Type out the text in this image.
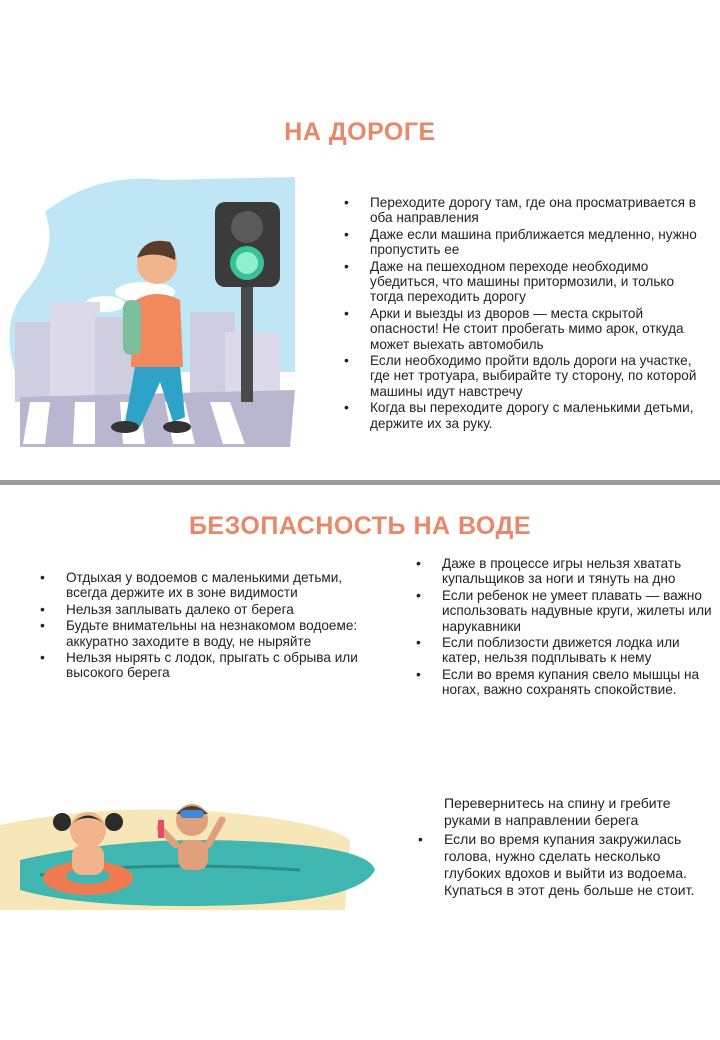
НА ДОРОГЕ
• Переходите дорогу там, где она просматривается в оба направления
• Даже если машина приближается медленно, нужно пропустить ее
• Даже на пешеходном переходе необходимо убедиться, что машины притормозили, и только тогда переходить дорогу
• Арки и выезды из дворов — места скрытой опасности! Не стоит пробегать мимо арок, откуда может выехать автомобиль
• Если необходимо пройти вдоль дороги на участке, где нет тротуара, выбирайте ту сторону, по которой машины идут навстречу
• Когда вы переходите дорогу с маленькими детьми, держите их за руку.
БЕЗОПАСНОСТЬ НА ВОДЕ
• Отдыхая у водоемов с маленькими детьми, всегда держите их в зоне видимости
• Нельзя заплывать далеко от берега
• Будьте внимательны на незнакомом водоеме: аккуратно заходите в воду, не ныряйте
• Нельзя нырять с лодок, прыгать с обрыва или высокого берега
• Даже в процессе игры нельзя хватать купальщиков за ноги и тянуть на дно
• Если ребенок не умеет плавать — важно использовать надувные круги, жилеты или нарукавники
• Если поблизости движется лодка или катер, нельзя подплывать к нему
• Если во время купания свело мышцы на ногах, важно сохранять спокойствие.
Перевернитесь на спину и гребите руками в направлении берега
• Если во время купания закружилась голова, нужно сделать несколько глубоких вдохов и выйти из водоема. Купаться в этот день больше не стоит.
